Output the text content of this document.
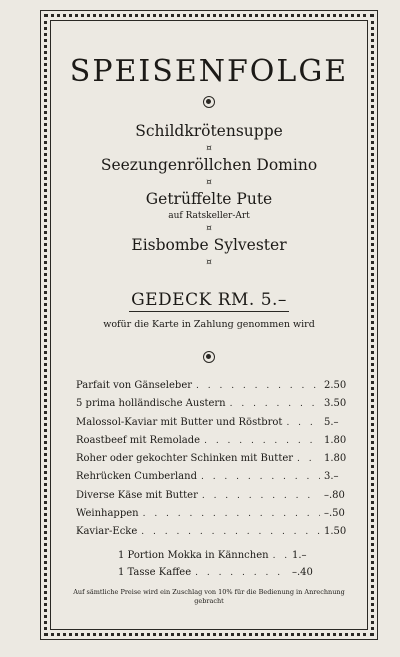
SPEISENFOLGE
Schildkrötensuppe
¤
Seezungenröllchen Domino
¤
Getrüffelte Pute
auf Ratskeller-Art
¤
Eisbombe Sylvester
¤
GEDECK RM. 5.–
wofür die Karte in Zahlung genommen wird
Parfait von Gänseleber . . .	2.50
5 prima holländische Austern . . .	3.50
Malossol-Kaviar mit Butter und Röstbrot . . .	5.–
Roastbeef mit Remolade . . .	1.80
Roher oder gekochter Schinken mit Butter . . .	1.80
Rehrücken Cumberland . . .	3.–
Diverse Käse mit Butter . . .	–.80
Weinhappen . . .	–.50
Kaviar-Ecke . . .	1.50
1 Portion Mokka in Kännchen . . . 1.–
1 Tasse Kaffee . . .	–.40
Auf sämtliche Preise wird ein Zuschlag von 10% für die Bedienung in Anrechnung gebracht
